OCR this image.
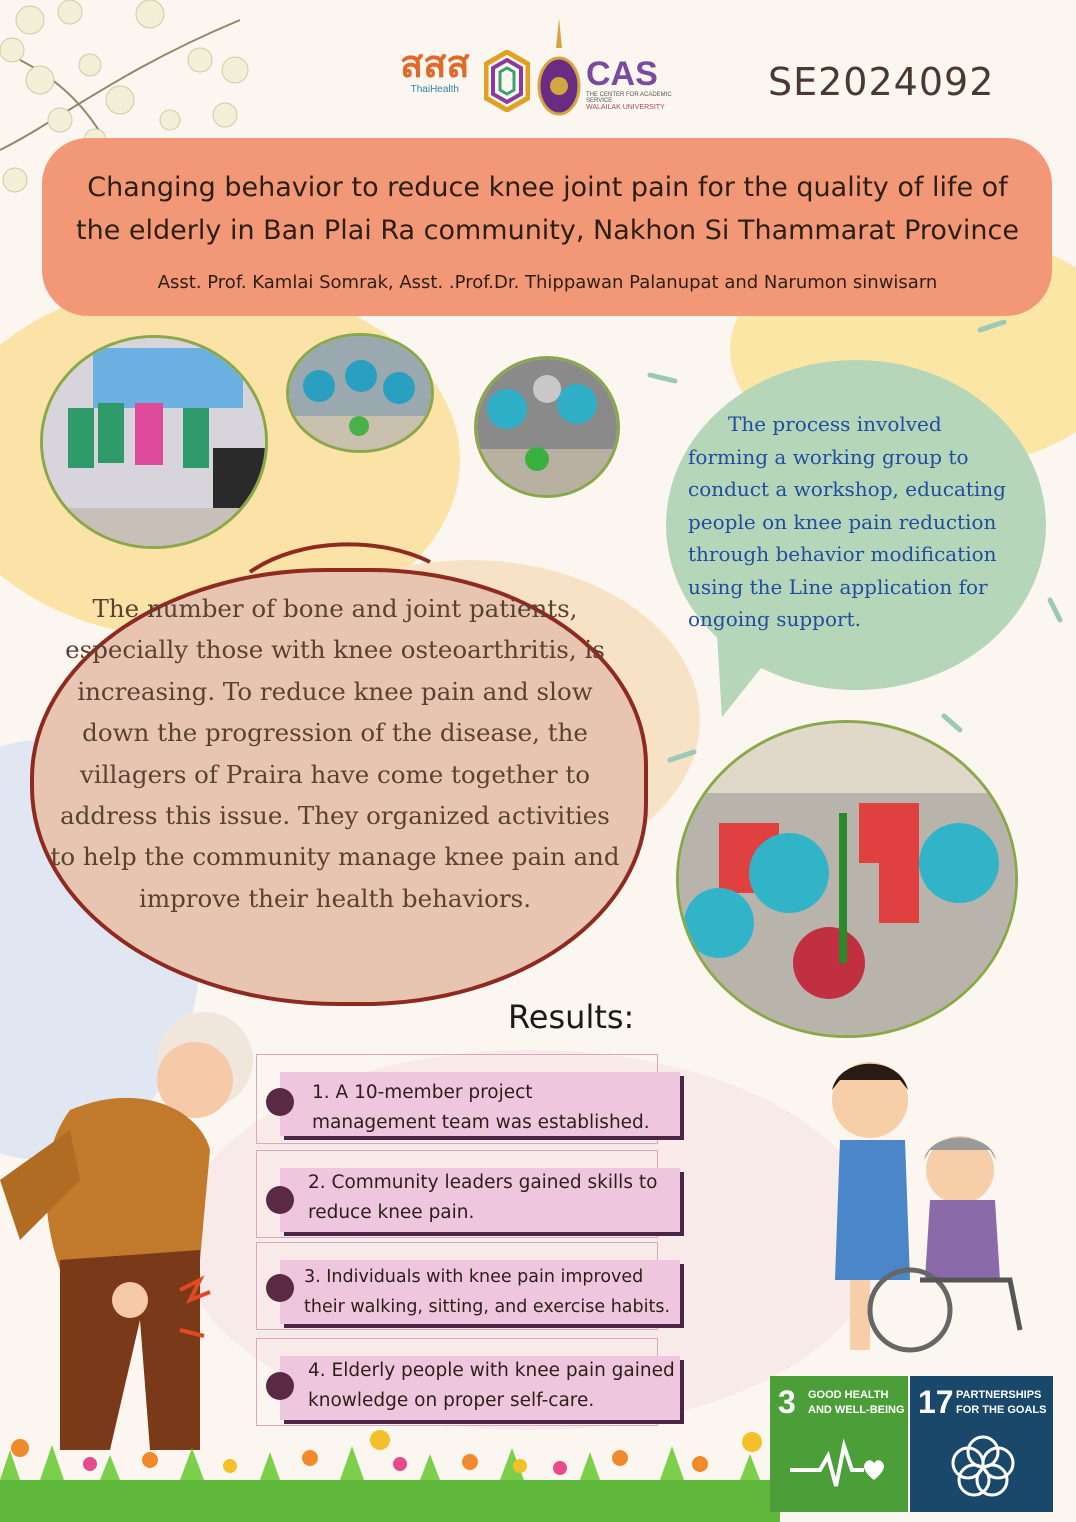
สสส
ThaiHealth	CAS
THE CENTER FOR ACADEMIC SERVICE
WALAILAK UNIVERSITY
SE2024092
Changing behavior to reduce knee joint pain for the quality of life of
the elderly in Ban Plai Ra community, Nakhon Si Thammarat Province
Asst. Prof. Kamlai Somrak, Asst. .Prof.Dr. Thippawan Palanupat and Narumon sinwisarn
The process involved forming a working group to conduct a workshop, educating people on knee pain reduction through behavior modification using the Line application for ongoing support.
The number of bone and joint patients, especially those with knee osteoarthritis, is increasing. To reduce knee pain and slow down the progression of the disease, the villagers of Praira have come together to address this issue. They organized activities to help the community manage knee pain and improve their health behaviors.
Results:
1. A 10-member project management team was established.
2. Community leaders gained skills to reduce knee pain.
3. Individuals with knee pain improved their walking, sitting, and exercise habits.
4. Elderly people with knee pain gained knowledge on proper self-care.	3 GOOD HEALTH AND WELL-BEING 17 PARTNERSHIPS FOR THE GOALS
